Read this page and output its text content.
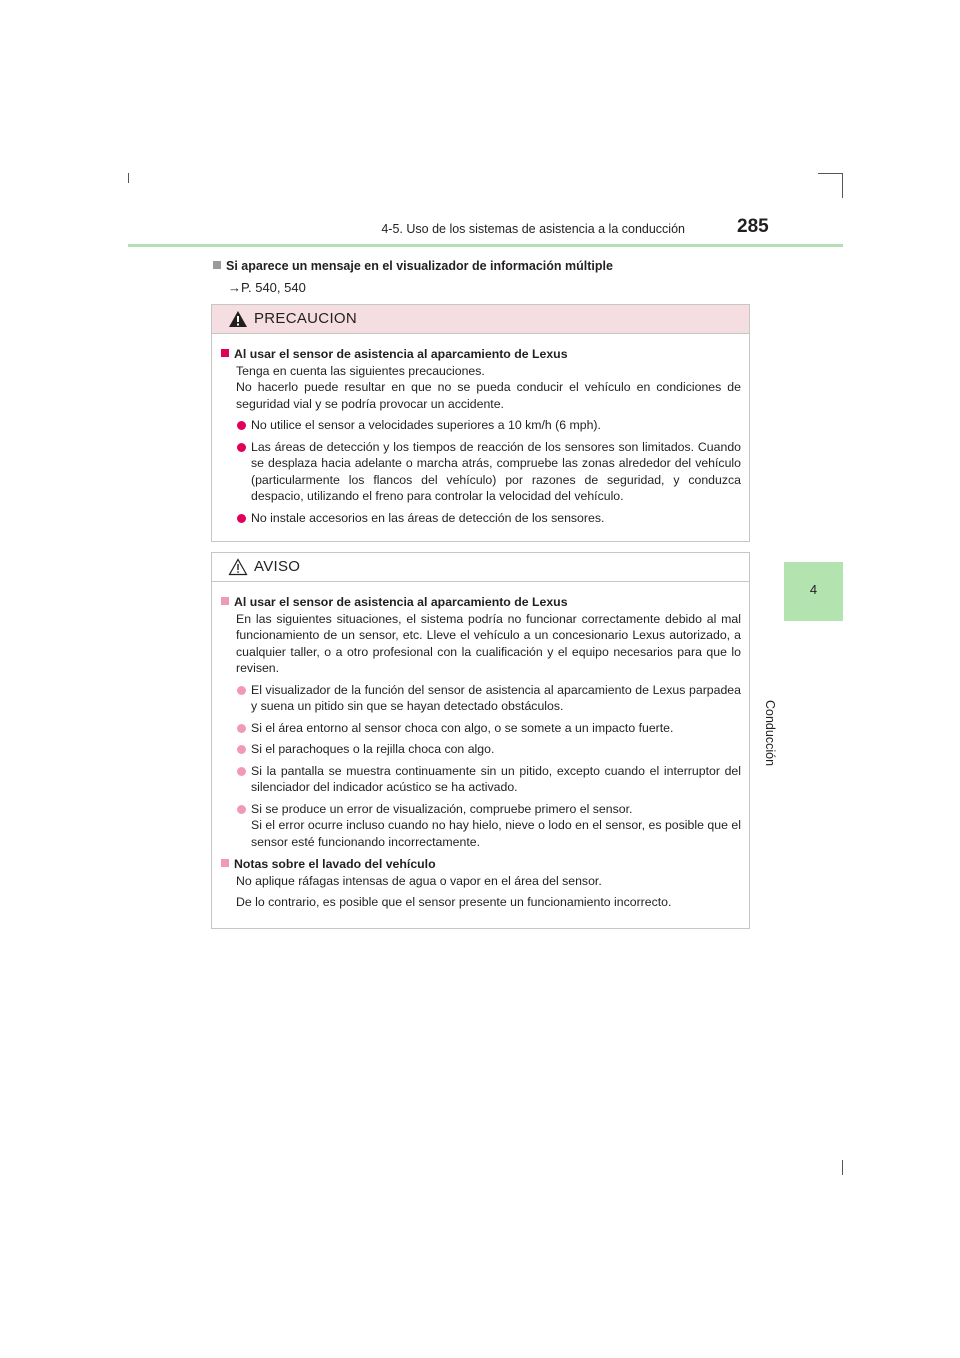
4-5. Uso de los sistemas de asistencia a la conducción	285
4
Conducción
Si aparece un mensaje en el visualizador de información múltiple
→P. 540, 540
PRECAUCION
Al usar el sensor de asistencia al aparcamiento de Lexus
Tenga en cuenta las siguientes precauciones.
No hacerlo puede resultar en que no se pueda conducir el vehículo en condiciones de seguridad vial y se podría provocar un accidente.
No utilice el sensor a velocidades superiores a 10 km/h (6 mph).
Las áreas de detección y los tiempos de reacción de los sensores son limitados. Cuando se desplaza hacia adelante o marcha atrás, compruebe las zonas alrededor del vehículo (particularmente los flancos del vehículo) por razones de seguridad, y conduzca despacio, utilizando el freno para controlar la velocidad del vehículo.
No instale accesorios en las áreas de detección de los sensores.
AVISO
Al usar el sensor de asistencia al aparcamiento de Lexus
En las siguientes situaciones, el sistema podría no funcionar correctamente debido al mal funcionamiento de un sensor, etc. Lleve el vehículo a un concesionario Lexus autorizado, a cualquier taller, o a otro profesional con la cualificación y el equipo necesarios para que lo revisen.
El visualizador de la función del sensor de asistencia al aparcamiento de Lexus parpadea y suena un pitido sin que se hayan detectado obstáculos.
Si el área entorno al sensor choca con algo, o se somete a un impacto fuerte.
Si el parachoques o la rejilla choca con algo.
Si la pantalla se muestra continuamente sin un pitido, excepto cuando el interruptor del silenciador del indicador acústico se ha activado.
Si se produce un error de visualización, compruebe primero el sensor.
Si el error ocurre incluso cuando no hay hielo, nieve o lodo en el sensor, es posible que el sensor esté funcionando incorrectamente.
Notas sobre el lavado del vehículo
No aplique ráfagas intensas de agua o vapor en el área del sensor.
De lo contrario, es posible que el sensor presente un funcionamiento incorrecto.
